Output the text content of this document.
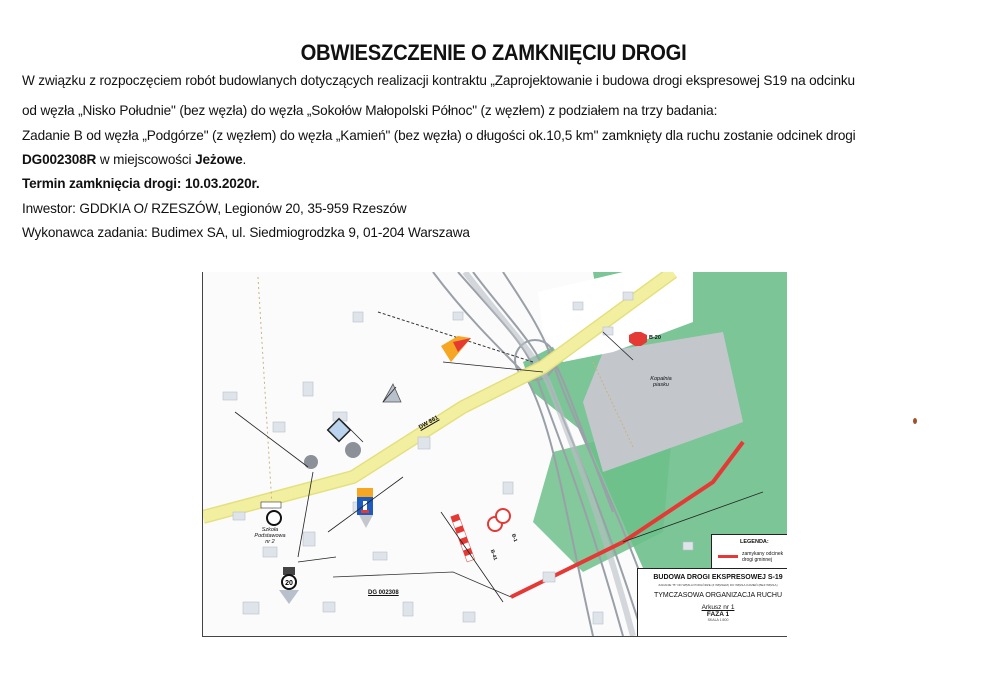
OBWIESZCZENIE O ZAMKNIĘCIU DROGI
W związku z rozpoczęciem robót budowlanych dotyczących realizacji kontraktu „Zaprojektowanie i budowa drogi ekspresowej S19 na odcinku
od węzła „Nisko Południe" (bez węzła) do węzła „Sokołów Małopolski Północ" (z węzłem) z podziałem na trzy badania:
Zadanie B od węzła „Podgórze" (z węzłem) do węzła „Kamień" (bez węzła) o długości ok.10,5 km" zamknięty dla ruchu zostanie odcinek drogi
DG002308R w miejscowości Jeżowe.
Termin zamknięcia drogi: 10.03.2020r.
Inwestor: GDDKIA O/ RZESZÓW, Legionów 20, 35-959 Rzeszów
Wykonawca zadania: Budimex SA, ul. Siedmiogrodzka 9, 01-204 Warszawa
20
DW 861
DG 002308
Kopalnia piasku
Szkoła Podstawowa nr 2
B-20
B-1
B-41
LEGENDA:
zamykany odcinek drogi gminnej
BUDOWA DROGI EKSPRESOWEJ S-19
ZADANIE "B" OD WĘZŁA PODGÓRZE (Z WĘZŁEM) DO WĘZŁA KAMIEŃ (BEZ WĘZŁA)
TYMCZASOWA ORGANIZACJA RUCHU
Arkusz nr 1
FAZA 1
SKALA 1:500
